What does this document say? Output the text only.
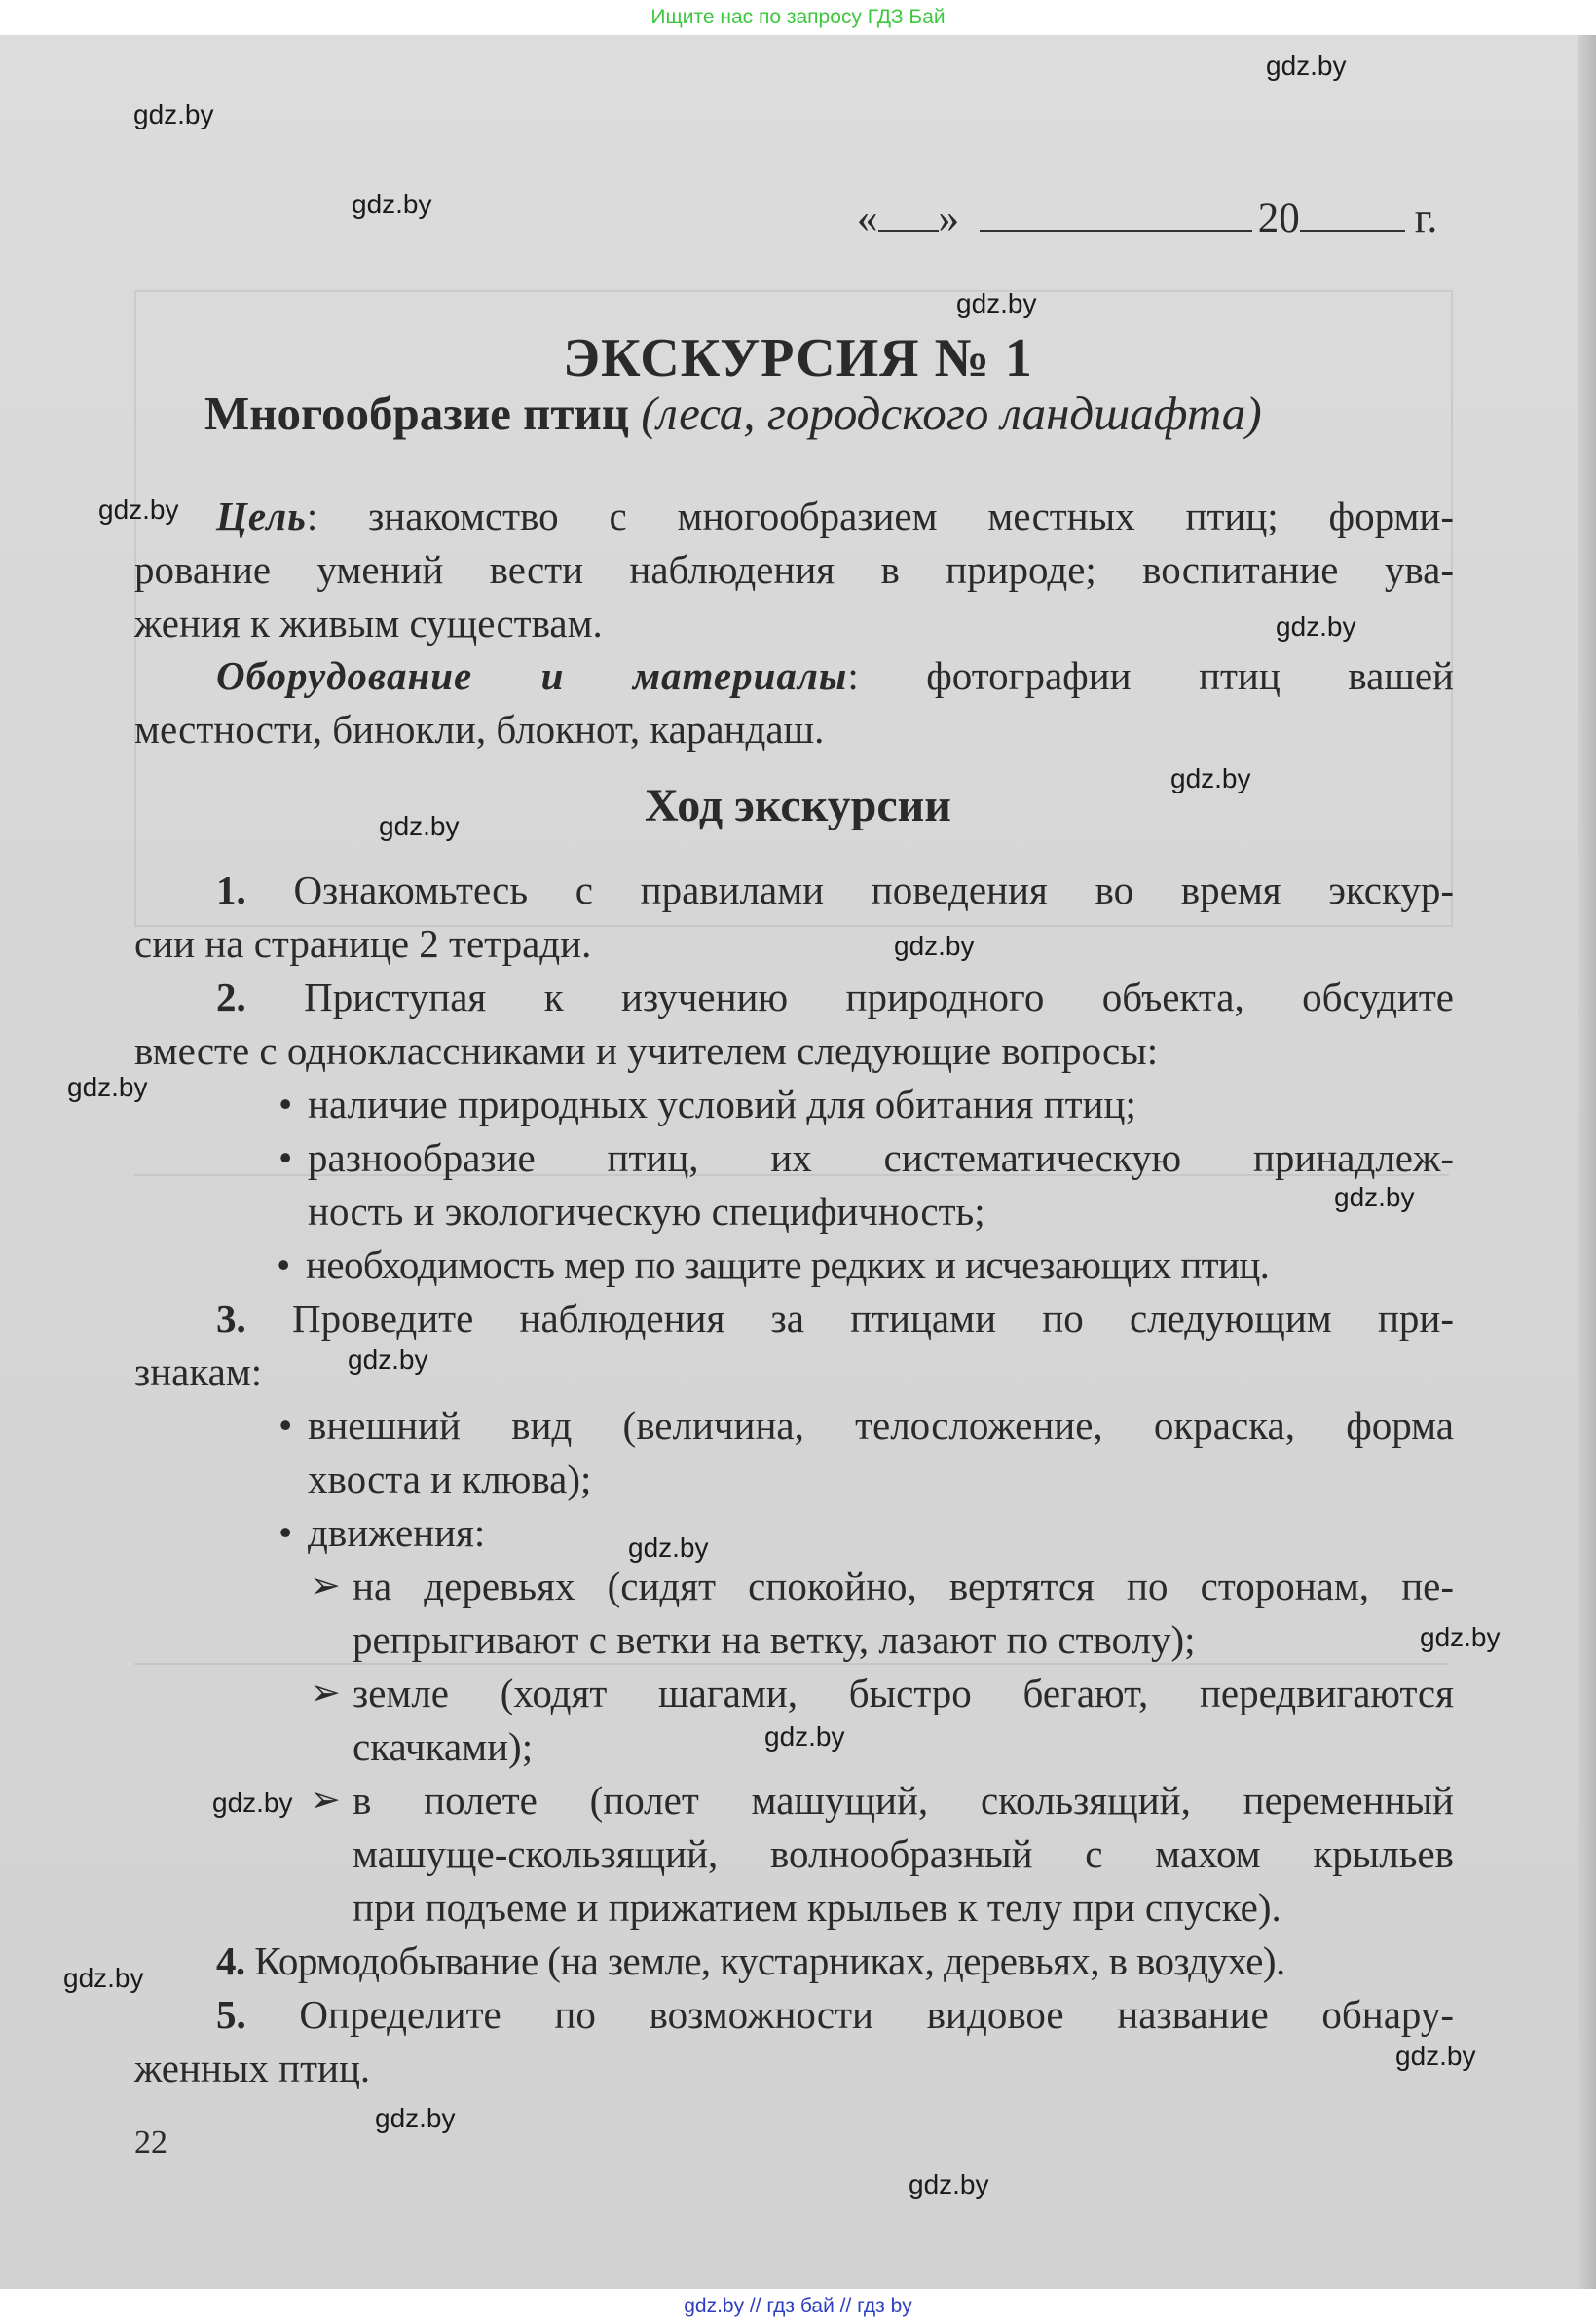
Ищите нас по запросу ГДЗ Бай
« »	20	г.
ЭКСКУРСИЯ № 1
Многообразие птиц (леса, городского ландшафта)
Цель: знакомство с многообразием местных птиц; форми-
рование умений вести наблюдения в природе; воспитание ува-
жения к живым существам.
Оборудование и материалы: фотографии птиц вашей
местности, бинокли, блокнот, карандаш.
Ход экскурсии
1. Ознакомьтесь с правилами поведения во время экскур-
сии на странице 2 тетради.
2. Приступая к изучению природного объекта, обсудите
вместе с одноклассниками и учителем следующие вопросы:
• наличие природных условий для обитания птиц;
• разнообразие птиц, их систематическую принадлеж-
ность и экологическую специфичность;
• необходимость мер по защите редких и исчезающих птиц.
3. Проведите наблюдения за птицами по следующим при-
знакам:
• внешний вид (величина, телосложение, окраска, форма
хвоста и клюва);
• движения:
➢ на деревьях (сидят спокойно, вертятся по сторонам, пе-
репрыгивают с ветки на ветку, лазают по стволу);
➢ земле (ходят шагами, быстро бегают, передвигаются
скачками);
➢ в полете (полет машущий, скользящий, переменный
машуще-скользящий, волнообразный с махом крыльев
при подъеме и прижатием крыльев к телу при спуске).
4. Кормодобывание (на земле, кустарниках, деревьях, в воздухе).
5. Определите по возможности видовое название обнару-
женных птиц.
22
gdz.by
gdz.by
gdz.by
gdz.by
gdz.by
gdz.by
gdz.by
gdz.by
gdz.by
gdz.by
gdz.by
gdz.by
gdz.by
gdz.by
gdz.by
gdz.by
gdz.by
gdz.by
gdz.by
gdz.by
gdz.by // гдз бай // гдз by
